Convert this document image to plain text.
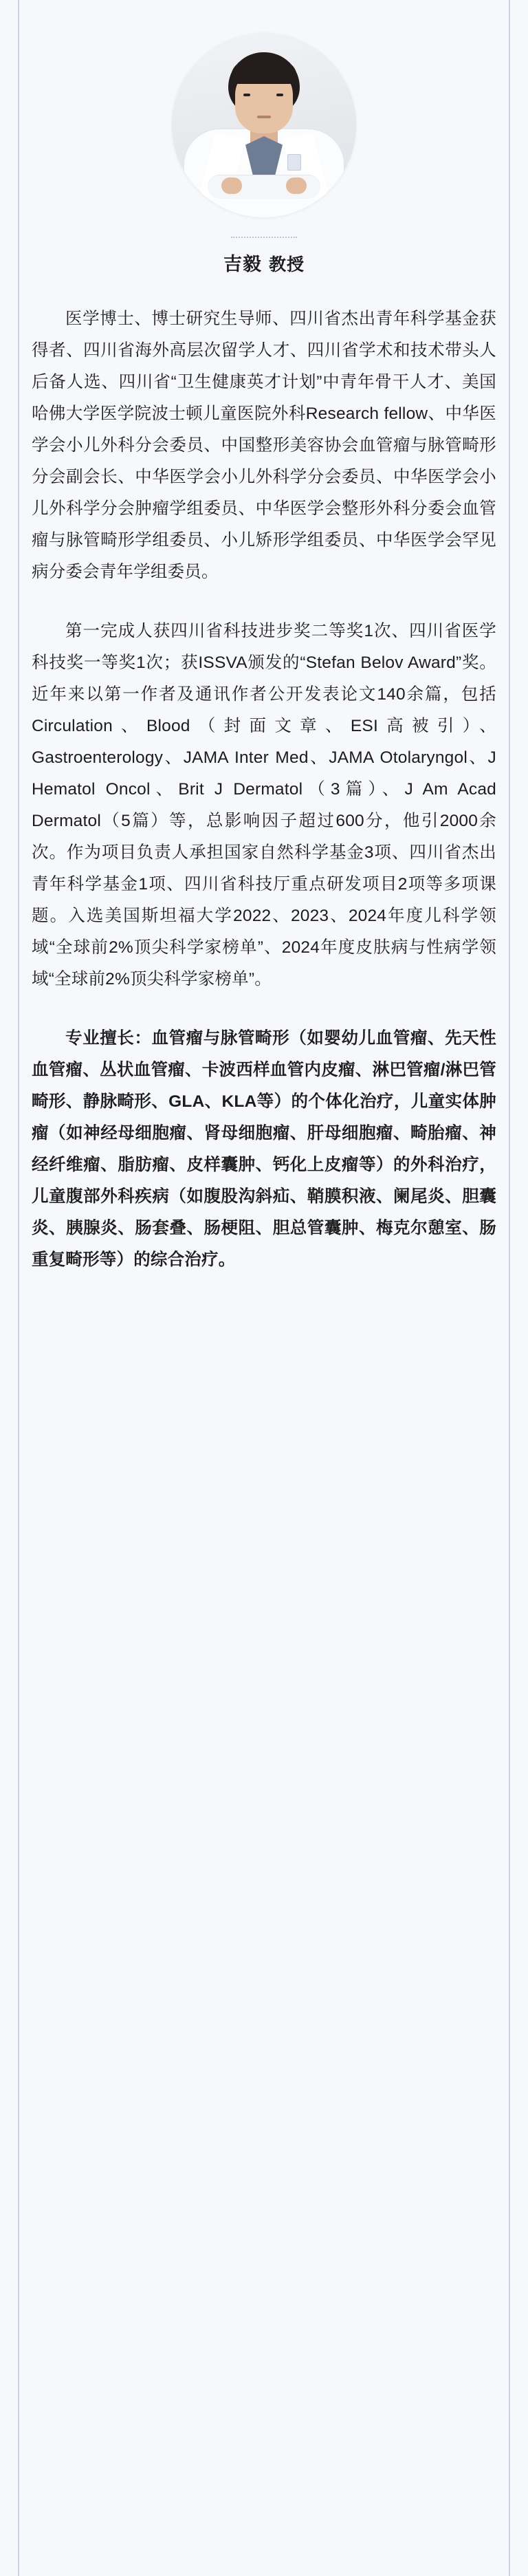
吉毅 教授

医学博士、博士研究生导师、四川省杰出青年科学基金获得者、四川省海外高层次留学人才、四川省学术和技术带头人后备人选、四川省“卫生健康英才计划”中青年骨干人才、美国哈佛大学医学院波士顿儿童医院外科Research fellow、中华医学会小儿外科分会委员、中国整形美容协会血管瘤与脉管畸形分会副会长、中华医学会小儿外科学分会委员、中华医学会小儿外科学分会肿瘤学组委员、中华医学会整形外科分委会血管瘤与脉管畸形学组委员、小儿矫形学组委员、中华医学会罕见病分委会青年学组委员。

第一完成人获四川省科技进步奖二等奖1次、四川省医学科技奖一等奖1次；获ISSVA颁发的“Stefan Belov Award”奖。近年来以第一作者及通讯作者公开发表论文140余篇，包括Circulation、Blood（封面文章、ESI高被引）、Gastroenterology、JAMA Inter Med、JAMA Otolaryngol、J Hematol Oncol、Brit J Dermatol（3篇）、J Am Acad Dermatol（5篇）等，总影响因子超过600分，他引2000余次。作为项目负责人承担国家自然科学基金3项、四川省杰出青年科学基金1项、四川省科技厅重点研发项目2项等多项课题。入选美国斯坦福大学2022、2023、2024年度儿科学领域“全球前2%顶尖科学家榜单”、2024年度皮肤病与性病学领域“全球前2%顶尖科学家榜单”。

专业擅长：血管瘤与脉管畸形（如婴幼儿血管瘤、先天性血管瘤、丛状血管瘤、卡波西样血管内皮瘤、淋巴管瘤/淋巴管畸形、静脉畸形、GLA、KLA等）的个体化治疗，儿童实体肿瘤（如神经母细胞瘤、肾母细胞瘤、肝母细胞瘤、畸胎瘤、神经纤维瘤、脂肪瘤、皮样囊肿、钙化上皮瘤等）的外科治疗，儿童腹部外科疾病（如腹股沟斜疝、鞘膜积液、阑尾炎、胆囊炎、胰腺炎、肠套叠、肠梗阻、胆总管囊肿、梅克尔憩室、肠重复畸形等）的综合治疗。
